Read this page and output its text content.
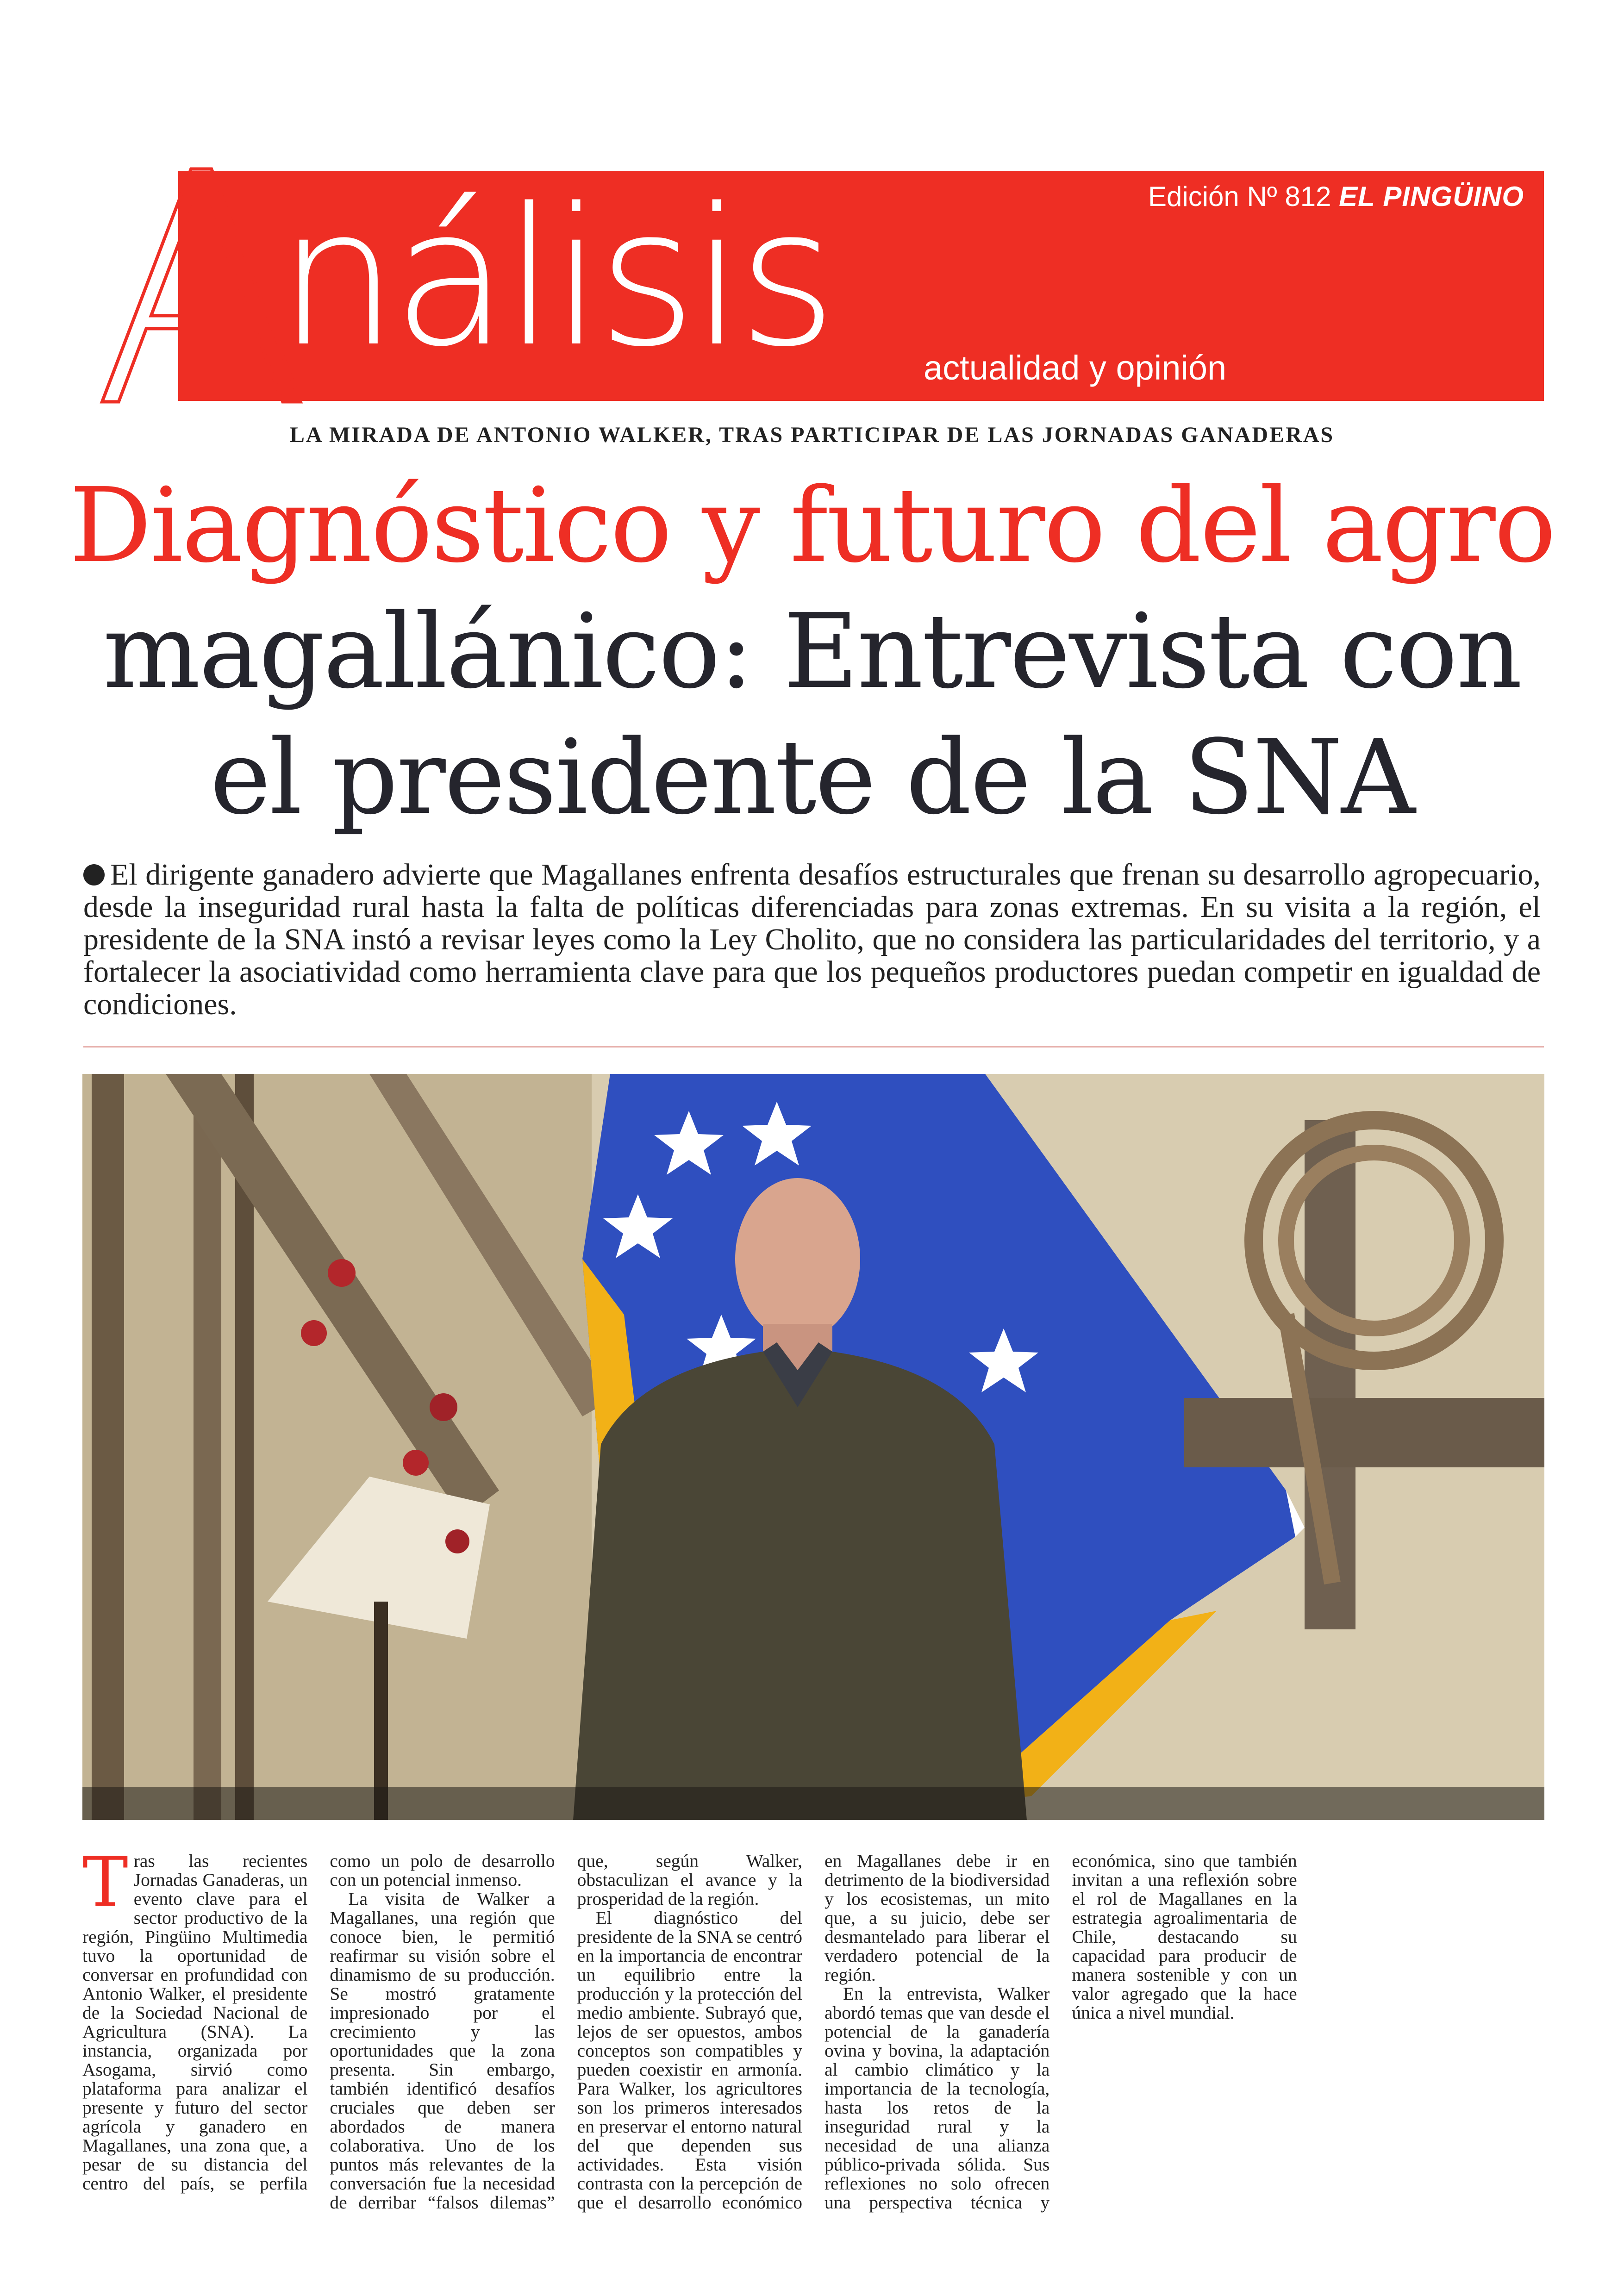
A
nálisis	actualidad y opinión
Edición Nº 812 EL PINGÜINO
LA MIRADA DE ANTONIO WALKER, TRAS PARTICIPAR DE LAS JORNADAS GANADERAS
Diagnóstico y futuro del agro
magallánico: Entrevista con
el presidente de la SNA
El dirigente ganadero advierte que Magallanes enfrenta desafíos estructurales que frenan su desarrollo agropecuario, desde la inseguridad rural hasta la falta de políticas diferenciadas para zonas extremas. En su visita a la región, el presidente de la SNA instó a revisar leyes como la Ley Cholito, que no considera las particularidades del territorio, y a fortalecer la asociatividad como herramienta clave para que los pequeños productores puedan competir en igualdad de condiciones.

Tras las recientes Jornadas Ganaderas, un evento clave para el sector productivo de la región, Pingüino Multimedia tuvo la oportunidad de conversar en profundidad con Antonio Walker, el presidente de la Sociedad Nacional de Agricultura (SNA). La instancia, organizada por Asogama, sirvió como plataforma para analizar el presente y futuro del sector agrícola y ganadero en Magallanes, una zona que, a pesar de su distancia del centro del país, se perfila como un polo de desarrollo con un potencial inmenso.

La visita de Walker a Magallanes, una región que conoce bien, le permitió reafirmar su visión sobre el dinamismo de su producción. Se mostró gratamente impresionado por el crecimiento y las oportunidades que la zona presenta. Sin embargo, también identificó desafíos cruciales que deben ser abordados de manera colaborativa. Uno de los puntos más relevantes de la conversación fue la necesidad de derribar “falsos dilemas” que, según Walker, obstaculizan el avance y la prosperidad de la región.

El diagnóstico del presidente de la SNA se centró en la importancia de encontrar un equilibrio entre la producción y la protección del medio ambiente. Subrayó que, lejos de ser opuestos, ambos conceptos son compatibles y pueden coexistir en armonía. Para Walker, los agricultores son los primeros interesados en preservar el entorno natural del que dependen sus actividades. Esta visión contrasta con la percepción de que el desarrollo económico en Magallanes debe ir en detrimento de la biodiversidad y los ecosistemas, un mito que, a su juicio, debe ser desmantelado para liberar el verdadero potencial de la región.

En la entrevista, Walker abordó temas que van desde el potencial de la ganadería ovina y bovina, la adaptación al cambio climático y la importancia de la tecnología, hasta los retos de la inseguridad rural y la necesidad de una alianza público-privada sólida. Sus reflexiones no solo ofrecen una perspectiva técnica y económica, sino que también invitan a una reflexión sobre el rol de Magallanes en la estrategia agroalimentaria de Chile, destacando su capacidad para producir de manera sostenible y con un valor agregado que la hace única a nivel mundial.
